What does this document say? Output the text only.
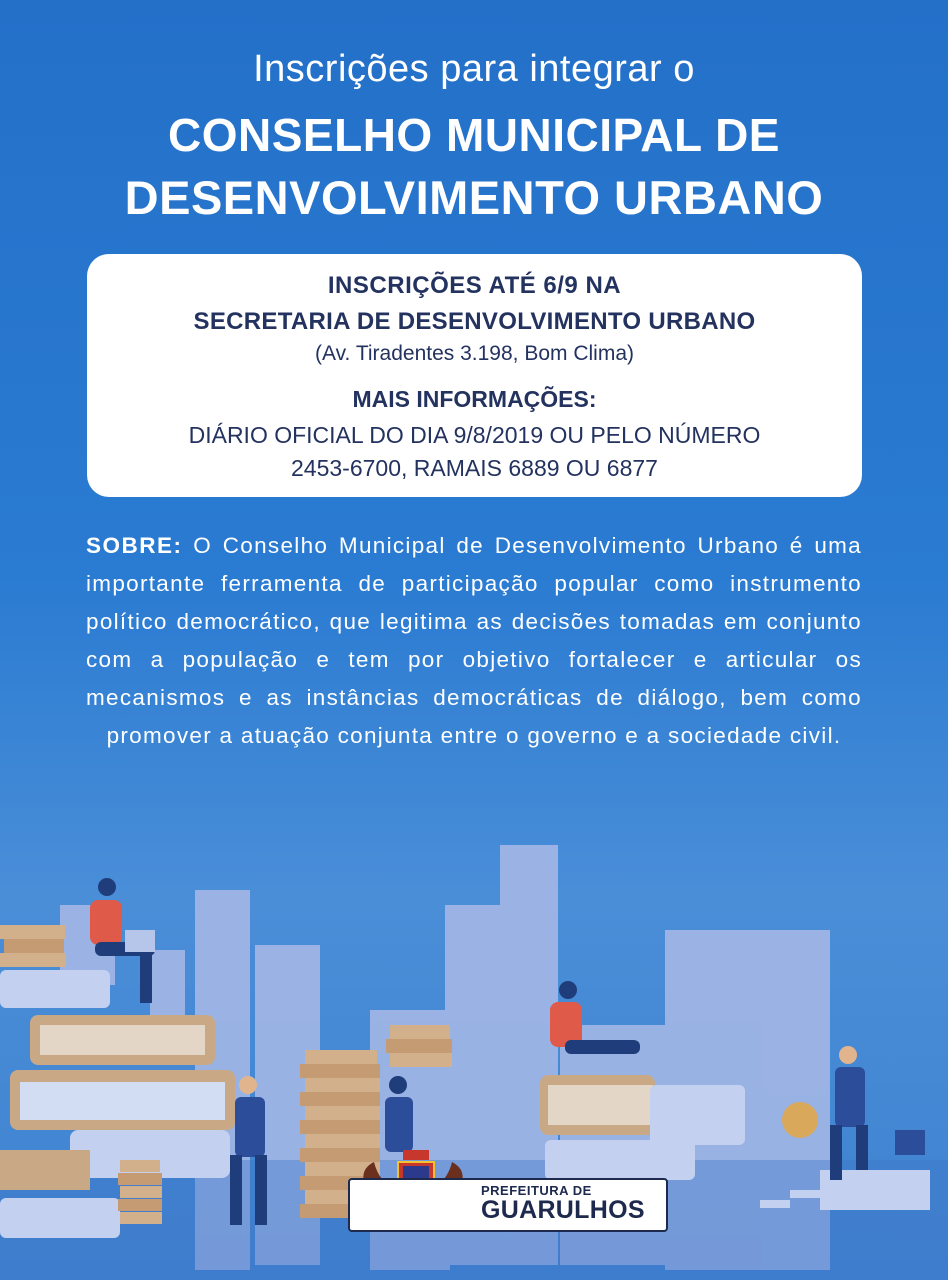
Inscrições para integrar o
CONSELHO MUNICIPAL DE
DESENVOLVIMENTO URBANO
INSCRIÇÕES ATÉ 6/9 NA
SECRETARIA DE DESENVOLVIMENTO URBANO
(Av. Tiradentes 3.198, Bom Clima)
MAIS INFORMAÇÕES:
DIÁRIO OFICIAL DO DIA 9/8/2019 OU PELO NÚMERO
2453-6700, RAMAIS 6889 OU 6877
SOBRE: O Conselho Municipal de Desenvolvimento Urbano é uma importante ferramenta de participação popular como instrumento político democrático, que legitima as decisões tomadas em conjunto com a população e tem por objetivo fortalecer e articular os mecanismos e as instâncias democráticas de diálogo, bem como promover a atuação conjunta entre o governo e a sociedade civil.
PREFEITURA DE
GUARULHOS
